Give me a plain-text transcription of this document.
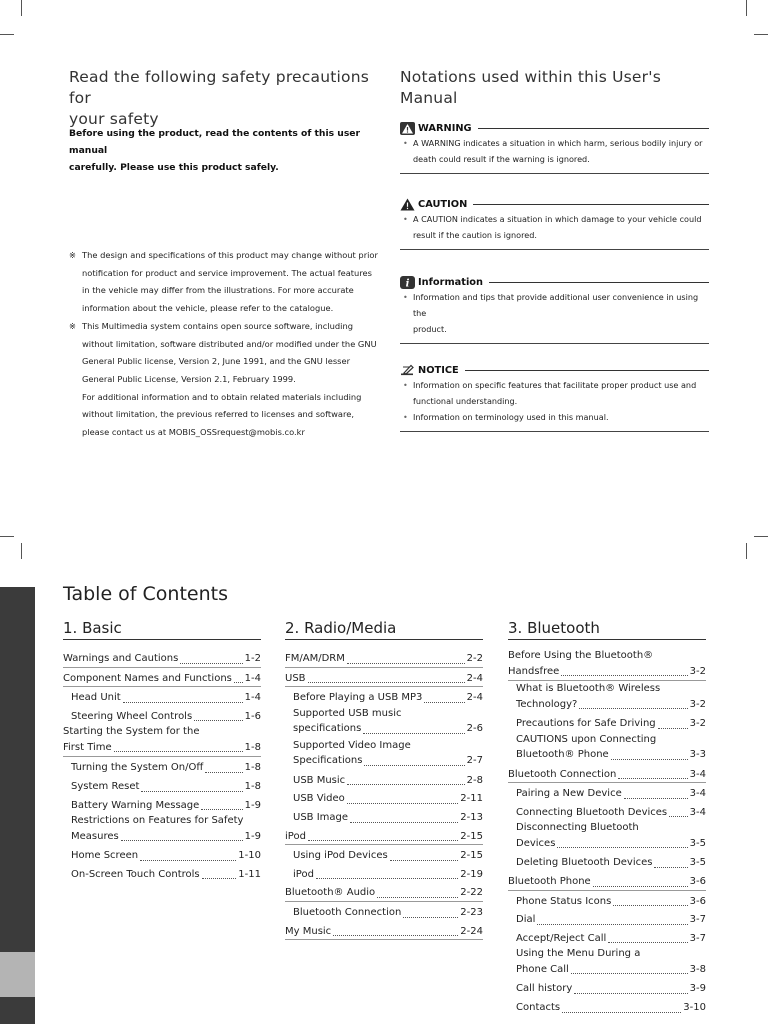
Read the following safety precautions for
your safety
Before using the product, read the contents of this user manual
carefully. Please use this product safely.
※ The design and specifications of this product may change without prior
notification for product and service improvement. The actual features
in the vehicle may differ from the illustrations. For more accurate
information about the vehicle, please refer to the catalogue.
※ This Multimedia system contains open source software, including
without limitation, software distributed and/or modified under the GNU
General Public license, Version 2, June 1991, and the GNU lesser
General Public License, Version 2.1, February 1999.
For additional information and to obtain related materials including
without limitation, the previous referred to licenses and software,
please contact us at MOBIS_OSSrequest@mobis.co.kr
Notations used within this User's Manual
WARNING
• A WARNING indicates a situation in which harm, serious bodily injury or
death could result if the warning is ignored.
CAUTION
• A CAUTION indicates a situation in which damage to your vehicle could
result if the caution is ignored.
i Information
• Information and tips that provide additional user convenience in using the
product.
NOTICE
• Information on specific features that facilitate proper product use and
functional understanding.
• Information on terminology used in this manual.
Table of Contents
1. Basic
Warnings and Cautions	1-2
Component Names and Functions 1-4
Head Unit	1-4
Steering Wheel Controls	1-6
Starting the System for the
First Time	1-8
Turning the System On/Off	1-8
System Reset	1-8
Battery Warning Message	1-9
Restrictions on Features for Safety
Measures	1-9
Home Screen	1-10
On-Screen Touch Controls	1-11
2. Radio/Media
FM/AM/DRM	2-2
USB	2-4
Before Playing a USB MP3	2-4
Supported USB music
specifications	2-6
Supported Video Image
Specifications	2-7
USB Music	2-8
USB Video	2-11
USB Image	2-13
iPod	2-15
Using iPod Devices	2-15
iPod	2-19
Bluetooth® Audio	2-22
Bluetooth Connection	2-23
My Music	2-24
3. Bluetooth
Before Using the Bluetooth®
Handsfree	3-2
What is Bluetooth® Wireless
Technology?	3-2
Precautions for Safe Driving	3-2
CAUTIONS upon Connecting
Bluetooth® Phone	3-3
Bluetooth Connection	3-4
Pairing a New Device	3-4
Connecting Bluetooth Devices 3-4
Disconnecting Bluetooth
Devices	3-5
Deleting Bluetooth Devices	3-5
Bluetooth Phone	3-6
Phone Status Icons	3-6
Dial	3-7
Accept/Reject Call	3-7
Using the Menu During a
Phone Call	3-8
Call history	3-9
Contacts	3-10
